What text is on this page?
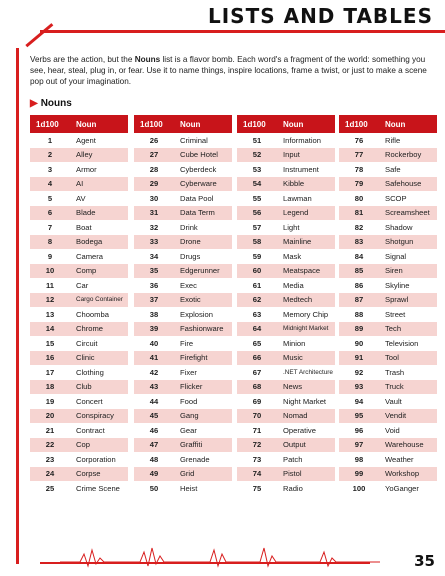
LISTS AND TABLES
Verbs are the action, but the Nouns list is a flavor bomb. Each word's a fragment of the world: something you see, hear, steal, plug in, or fear. Use it to name things, inspire locations, frame a twist, or just to make a scene pop out of your imagination.
▶ Nouns
1d100	Noun
1	Agent
2	Alley
3	Armor
4	AI
5	AV
6	Blade
7	Boat
8	Bodega
9	Camera
10	Comp
11	Car
12	Cargo Container
13	Choomba
14	Chrome
15	Circuit
16	Clinic
17	Clothing
18	Club
19	Concert
20	Conspiracy
21	Contract
22	Cop
23	Corporation
24	Corpse
25	Crime Scene
1d100	Noun
26	Criminal
27	Cube Hotel
28	Cyberdeck
29	Cyberware
30	Data Pool
31	Data Term
32	Drink
33	Drone
34	Drugs
35	Edgerunner
36	Exec
37	Exotic
38	Explosion
39	Fashionware
40	Fire
41	Firefight
42	Fixer
43	Flicker
44	Food
45	Gang
46	Gear
47	Graffiti
48	Grenade
49	Grid
50	Heist
1d100	Noun
51	Information
52	Input
53	Instrument
54	Kibble
55	Lawman
56	Legend
57	Light
58	Mainline
59	Mask
60	Meatspace
61	Media
62	Medtech
63	Memory Chip
64	Midnight Market
65	Minion
66	Music
67	.NET Architecture
68	News
69	Night Market
70	Nomad
71	Operative
72	Output
73	Patch
74	Pistol
75	Radio
1d100	Noun
76	Rifle
77	Rockerboy
78	Safe
79	Safehouse
80	SCOP
81	Screamsheet
82	Shadow
83	Shotgun
84	Signal
85	Siren
86	Skyline
87	Sprawl
88	Street
89	Tech
90	Television
91	Tool
92	Trash
93	Truck
94	Vault
95	Vendit
96	Void
97	Warehouse
98	Weather
99	Workshop
100	YoGanger
35
